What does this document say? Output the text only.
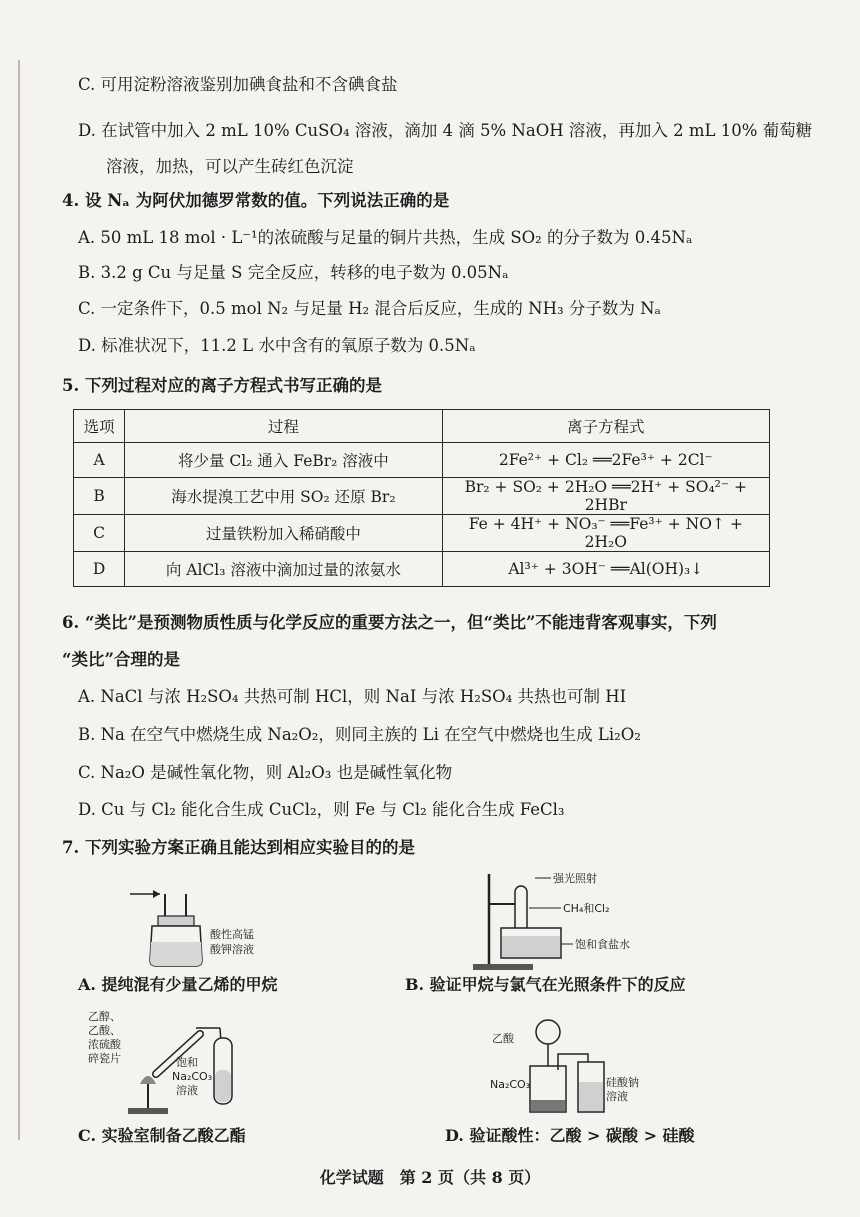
C. 可用淀粉溶液鉴别加碘食盐和不含碘食盐
D. 在试管中加入 2 mL 10% CuSO₄ 溶液，滴加 4 滴 5% NaOH 溶液，再加入 2 mL 10% 葡萄糖
溶液，加热，可以产生砖红色沉淀
4. 设 Nₐ 为阿伏加德罗常数的值。下列说法正确的是
A. 50 mL 18 mol · L⁻¹的浓硫酸与足量的铜片共热，生成 SO₂ 的分子数为 0.45Nₐ
B. 3.2 g Cu 与足量 S 完全反应，转移的电子数为 0.05Nₐ
C. 一定条件下，0.5 mol N₂ 与足量 H₂ 混合后反应，生成的 NH₃ 分子数为 Nₐ
D. 标准状况下，11.2 L 水中含有的氧原子数为 0.5Nₐ
5. 下列过程对应的离子方程式书写正确的是
选项	过程	离子方程式
A	将少量 Cl₂ 通入 FeBr₂ 溶液中	2Fe²⁺ + Cl₂ ══2Fe³⁺ + 2Cl⁻
B	海水提溴工艺中用 SO₂ 还原 Br₂	Br₂ + SO₂ + 2H₂O ══2H⁺ + SO₄²⁻ + 2HBr
C	过量铁粉加入稀硝酸中	Fe + 4H⁺ + NO₃⁻ ══Fe³⁺ + NO↑ + 2H₂O
D	向 AlCl₃ 溶液中滴加过量的浓氨水	Al³⁺ + 3OH⁻ ══Al(OH)₃↓
6. “类比”是预测物质性质与化学反应的重要方法之一，但“类比”不能违背客观事实，下列
“类比”合理的是
A. NaCl 与浓 H₂SO₄ 共热可制 HCl，则 NaI 与浓 H₂SO₄ 共热也可制 HI
B. Na 在空气中燃烧生成 Na₂O₂，则同主族的 Li 在空气中燃烧也生成 Li₂O₂
C. Na₂O 是碱性氧化物，则 Al₂O₃ 也是碱性氧化物
D. Cu 与 Cl₂ 能化合生成 CuCl₂，则 Fe 与 Cl₂ 能化合生成 FeCl₃
7. 下列实验方案正确且能达到相应实验目的的是
酸性高锰
酸钾溶液
A. 提纯混有少量乙烯的甲烷
强光照射
CH₄和Cl₂
饱和食盐水
B. 验证甲烷与氯气在光照条件下的反应
乙醇、
乙酸、
浓硫酸
碎瓷片	饱和
Na₂CO₃
溶液
C. 实验室制备乙酸乙酯
乙酸
Na₂CO₃	硅酸钠
溶液
D. 验证酸性：乙酸 > 碳酸 > 硅酸
化学试题　第 2 页（共 8 页）
